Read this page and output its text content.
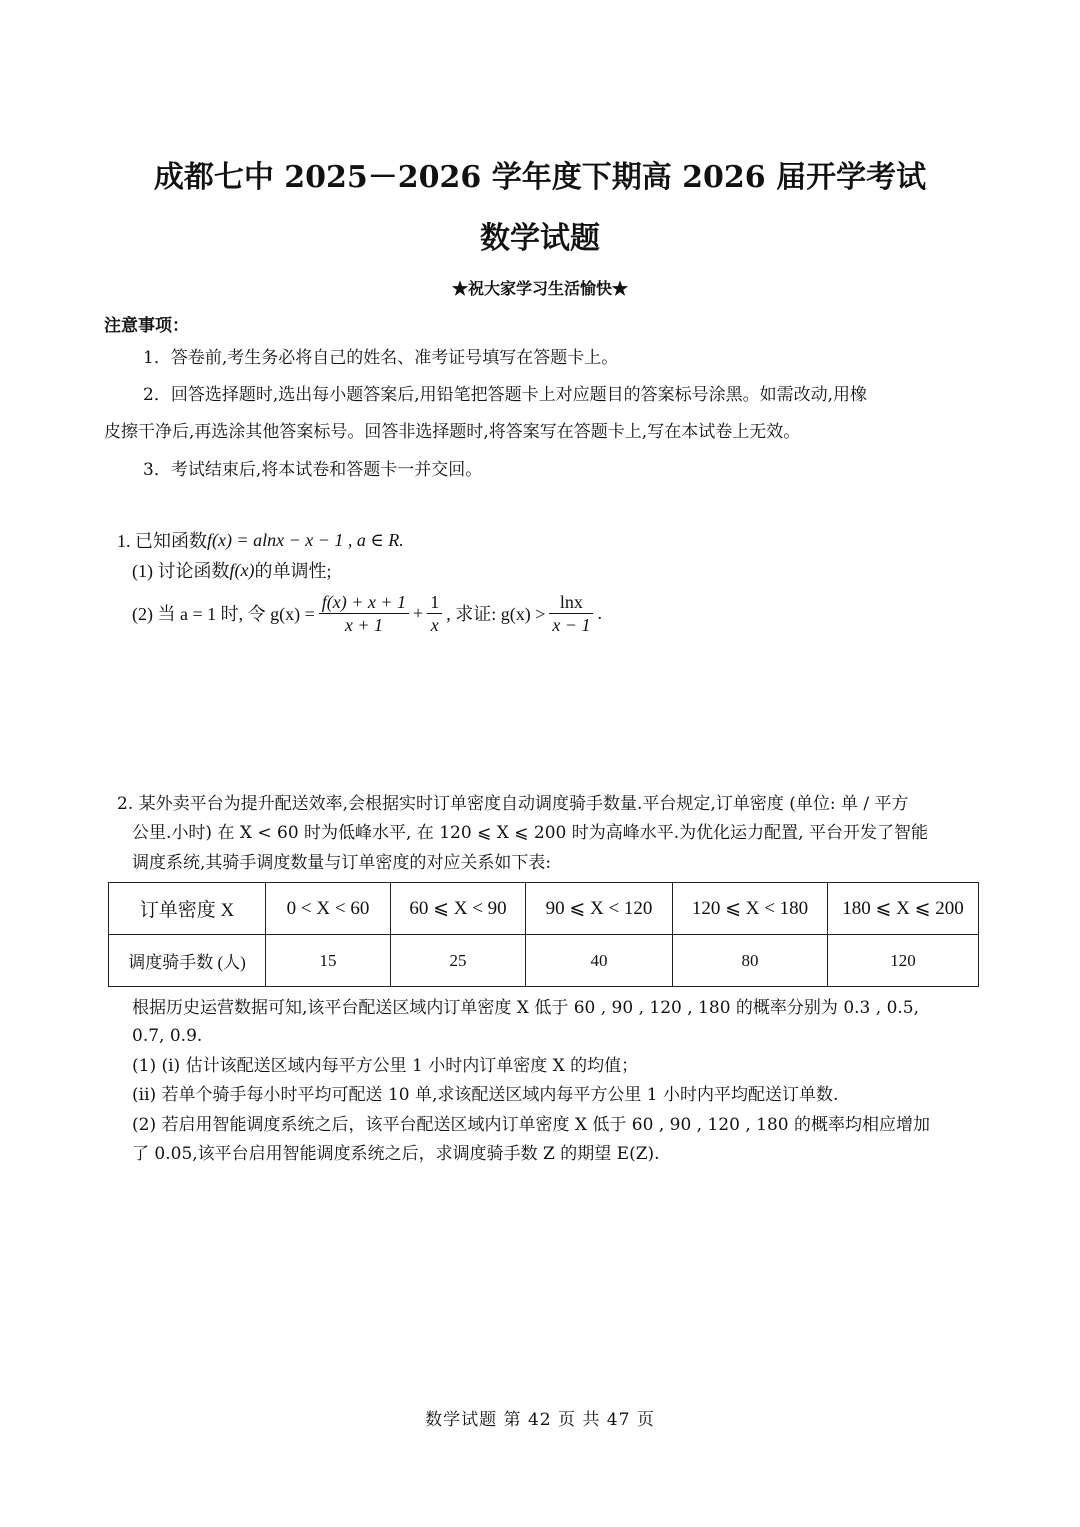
成都七中 2025－2026 学年度下期高 2026 届开学考试
数学试题
★祝大家学习生活愉快★
注意事项：
1．答卷前,考生务必将自己的姓名、准考证号填写在答题卡上。
2．回答选择题时,选出每小题答案后,用铅笔把答题卡上对应题目的答案标号涂黑。如需改动,用橡
皮擦干净后,再选涂其他答案标号。回答非选择题时,将答案写在答题卡上,写在本试卷上无效。
3．考试结束后,将本试卷和答题卡一并交回。
1. 已知函数 f(x) = alnx − x − 1 , a ∈ R.
(1) 讨论函数 f(x) 的单调性;
(2) 当 a = 1 时, 令 $g(x) = \frac{f(x) + x + 1}{x + 1} + \frac{1}{x}$ , 求证: $g(x) > \frac{\ln x}{x - 1}$ .
2. 某外卖平台为提升配送效率,会根据实时订单密度自动调度骑手数量.平台规定,订单密度 (单位: 单 / 平方
公里.小时) 在 X < 60 时为低峰水平, 在 120 ⩽ X ⩽ 200 时为高峰水平.为优化运力配置, 平台开发了智能
调度系统,其骑手调度数量与订单密度的对应关系如下表:
订单密度 X	0 < X < 60	60 ⩽ X < 90	90 ⩽ X < 120	120 ⩽ X < 180	180 ⩽ X ⩽ 200
调度骑手数 (人)	15	25	40	80	120
根据历史运营数据可知,该平台配送区域内订单密度 X 低于 60 , 90 , 120 , 180 的概率分别为 0.3 , 0.5,
0.7, 0.9.
(1) (i) 估计该配送区域内每平方公里 1 小时内订单密度 X 的均值；
(ii) 若单个骑手每小时平均可配送 10 单,求该配送区域内每平方公里 1 小时内平均配送订单数.
(2) 若启用智能调度系统之后，该平台配送区域内订单密度 X 低于 60 , 90 , 120 , 180 的概率均相应增加
了 0.05,该平台启用智能调度系统之后，求调度骑手数 Z 的期望 E(Z).
数学试题 第 42 页 共 47 页
